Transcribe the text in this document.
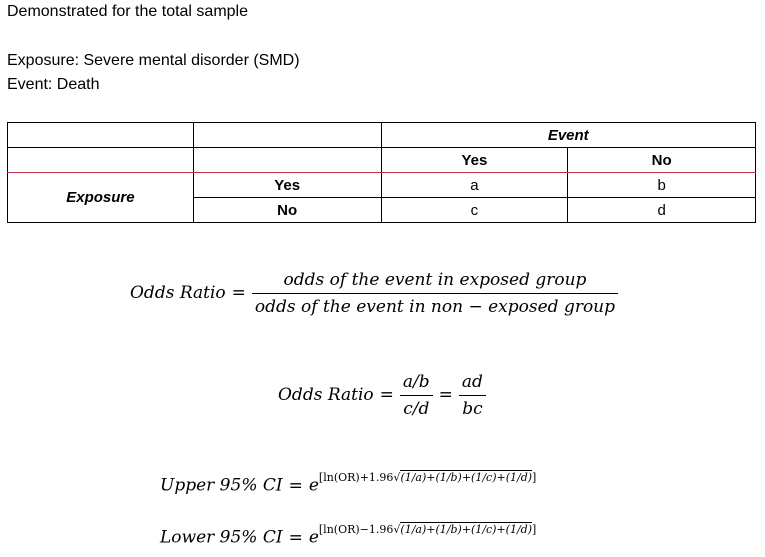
Demonstrated for the total sample
Exposure: Severe mental disorder (SMD)
Event: Death
		Event	
		Yes	No
Exposure	Yes	a	b
	No	c	d
Odds Ratio = $\frac{\text{odds of the event in exposed group}}{\text{odds of the event in non − exposed group}}$
Odds Ratio = $\frac{a/b}{c/d} = \frac{ad}{bc}$
Upper 95% CI = e[ln(OR)+1.96√(1/a)+(1/b)+(1/c)+(1/d)]
Lower 95% CI = e[ln(OR)−1.96√(1/a)+(1/b)+(1/c)+(1/d)]
